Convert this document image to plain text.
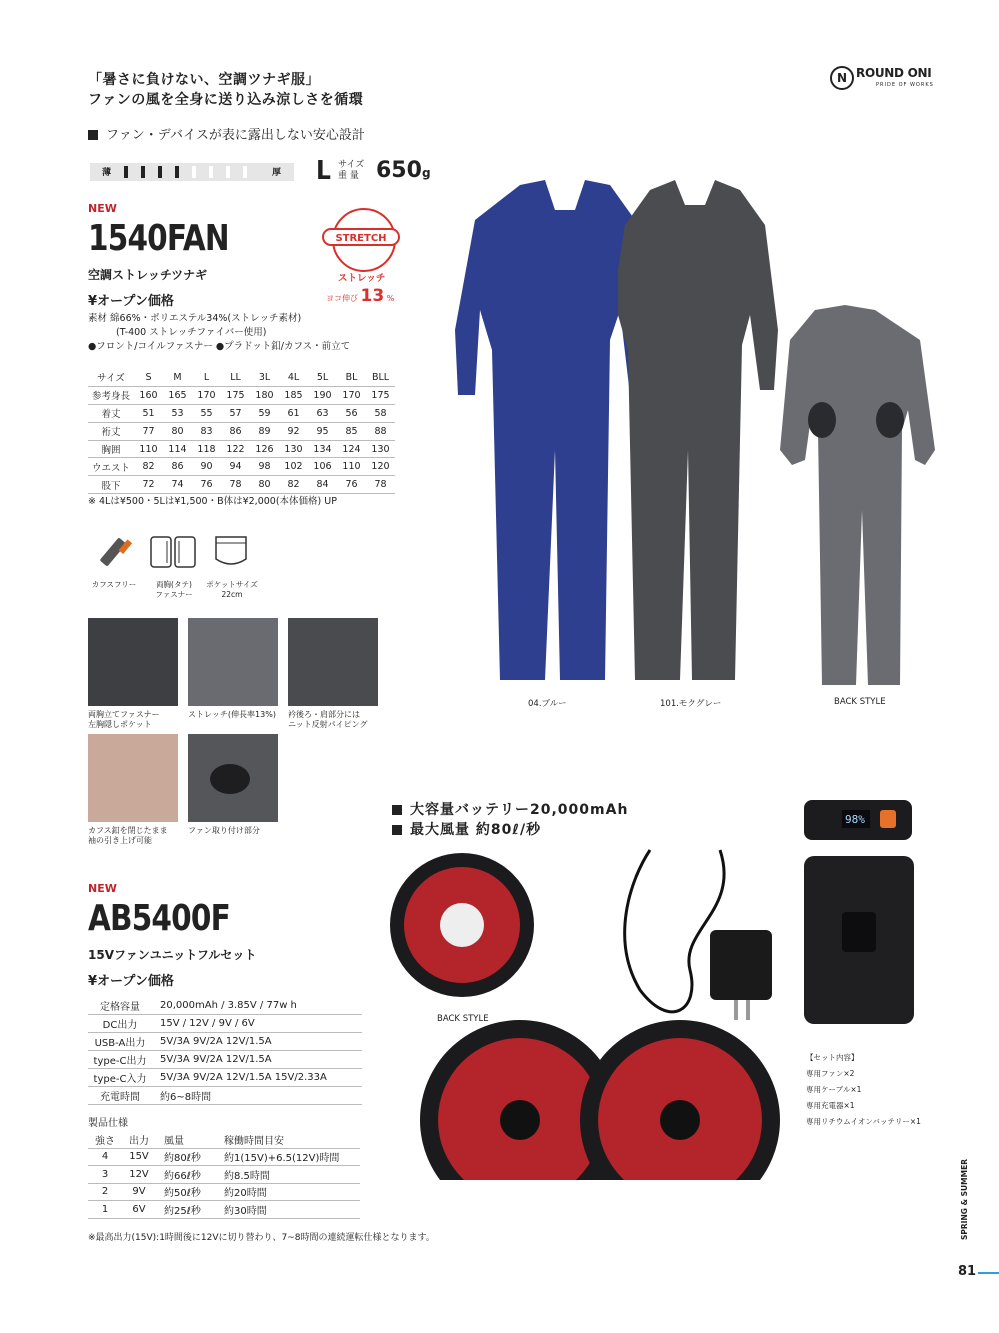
「暑さに負けない、空調ツナギ服」
ファンの風を全身に送り込み涼しさを循環
N ROUND ONI
PRIDE OF WORKS
ファン・デバイスが表に露出しない安心設計
薄	厚 L サイズ
重 量 650g
NEW
1540FAN
空調ストレッチツナギ
¥オープン価格
素材 綿66%・ポリエステル34%(ストレッチ素材)
(T-400 ストレッチファイバー使用)
●フロント/コイルファスナー ●プラドット釦/カフス・前立て
STRETCH
ストレッチ
ヨコ伸び 13 %
サイズ	S	M	L	LL	3L	4L	5L	BL	BLL
参考身長	160	165	170	175	180	185	190	170	175
着丈	51	53	55	57	59	61	63	56	58
裄丈	77	80	83	86	89	92	95	85	88
胸囲	110	114	118	122	126	130	134	124	130
ウエスト	82	86	90	94	98	102	106	110	120
股下	72	74	76	78	80	82	84	76	78
※ 4Lは¥500・5Lは¥1,500・B体は¥2,000(本体価格) UP
カフスフリー	両胸(タテ)
ファスナー
ポケットサイズ
22cm
両胸立てファスナー
左胸隠しポケット
ストレッチ(伸長率13%) 衿後ろ・肩部分には
ニット反射パイピング
カフス釦を閉じたまま
袖の引き上げ可能
ファン取り付け部分
04.ブルー	101.モクグレー	BACK STYLE
大容量バッテリー20,000mAh
最大風量 約80ℓ/秒
NEW
AB5400F
15Vファンユニットフルセット
¥オープン価格
98%
BACK STYLE
定格容量	20,000mAh / 3.85V / 77w h
DC出力	15V / 12V / 9V / 6V
USB-A出力	5V/3A 9V/2A 12V/1.5A
type-C出力	5V/3A 9V/2A 12V/1.5A
type-C入力	5V/3A 9V/2A 12V/1.5A 15V/2.33A
充電時間	約6~8時間
製品仕様
強さ	出力	風量	稼働時間目安
4	15V	約80ℓ秒	約1(15V)+6.5(12V)時間
3	12V	約66ℓ秒	約8.5時間
2	9V	約50ℓ秒	約20時間
1	6V	約25ℓ秒	約30時間
【セット内容】
専用ファン×2
専用ケーブル×1
専用充電器×1
専用リチウムイオンバッテリー×1
※最高出力(15V):1時間後に12Vに切り替わり、7~8時間の連続運転仕様となります。	SPRING & SUMMER
81
